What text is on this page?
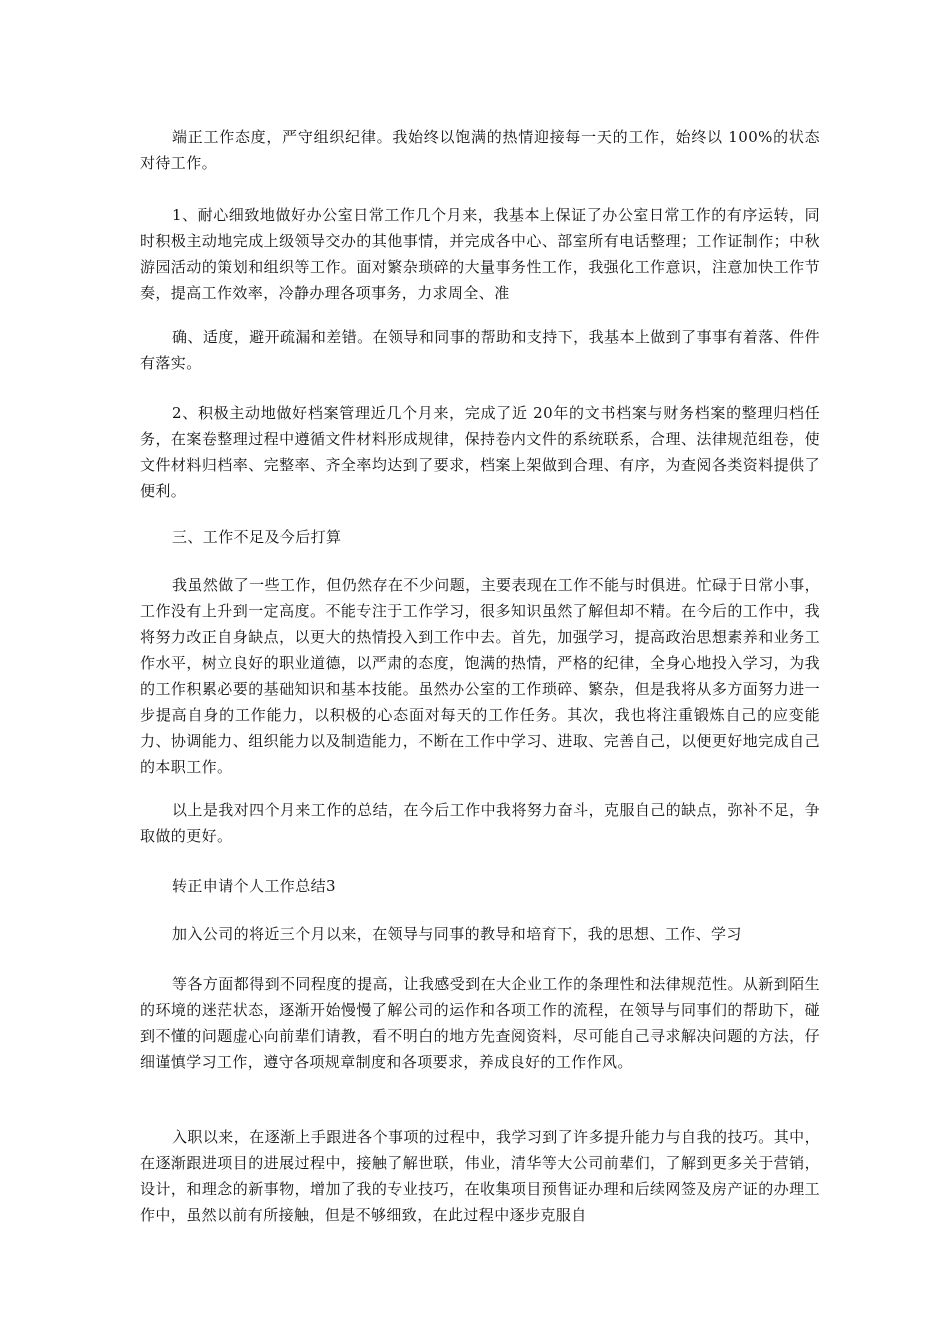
端正工作态度，严守组织纪律。我始终以饱满的热情迎接每一天的工作，始终以 100%的状态对待工作。

1、耐心细致地做好办公室日常工作几个月来，我基本上保证了办公室日常工作的有序运转，同时积极主动地完成上级领导交办的其他事情，并完成各中心、部室所有电话整理；工作证制作；中秋游园活动的策划和组织等工作。面对繁杂琐碎的大量事务性工作，我强化工作意识，注意加快工作节奏，提高工作效率，冷静办理各项事务，力求周全、准

确、适度，避开疏漏和差错。在领导和同事的帮助和支持下，我基本上做到了事事有着落、件件有落实。

2、积极主动地做好档案管理近几个月来，完成了近 20年的文书档案与财务档案的整理归档任务，在案卷整理过程中遵循文件材料形成规律，保持卷内文件的系统联系，合理、法律规范组卷，使文件材料归档率、完整率、齐全率均达到了要求，档案上架做到合理、有序，为查阅各类资料提供了便利。

三、工作不足及今后打算

我虽然做了一些工作，但仍然存在不少问题，主要表现在工作不能与时俱进。忙碌于日常小事，工作没有上升到一定高度。不能专注于工作学习，很多知识虽然了解但却不精。在今后的工作中，我将努力改正自身缺点，以更大的热情投入到工作中去。首先，加强学习，提高政治思想素养和业务工作水平，树立良好的职业道德，以严肃的态度，饱满的热情，严格的纪律，全身心地投入学习，为我的工作积累必要的基础知识和基本技能。虽然办公室的工作琐碎、繁杂，但是我将从多方面努力进一步提高自身的工作能力，以积极的心态面对每天的工作任务。其次，我也将注重锻炼自己的应变能力、协调能力、组织能力以及制造能力，不断在工作中学习、进取、完善自己，以便更好地完成自己的本职工作。

以上是我对四个月来工作的总结，在今后工作中我将努力奋斗，克服自己的缺点，弥补不足，争取做的更好。

转正申请个人工作总结3

加入公司的将近三个月以来，在领导与同事的教导和培育下，我的思想、工作、学习

等各方面都得到不同程度的提高，让我感受到在大企业工作的条理性和法律规范性。从新到陌生的环境的迷茫状态，逐渐开始慢慢了解公司的运作和各项工作的流程，在领导与同事们的帮助下，碰到不懂的问题虚心向前辈们请教，看不明白的地方先查阅资料，尽可能自己寻求解决问题的方法，仔细谨慎学习工作，遵守各项规章制度和各项要求，养成良好的工作作风。

入职以来，在逐渐上手跟进各个事项的过程中，我学习到了许多提升能力与自我的技巧。其中，在逐渐跟进项目的进展过程中，接触了解世联，伟业，清华等大公司前辈们，了解到更多关于营销，设计，和理念的新事物，增加了我的专业技巧，在收集项目预售证办理和后续网签及房产证的办理工作中，虽然以前有所接触，但是不够细致，在此过程中逐步克服自
